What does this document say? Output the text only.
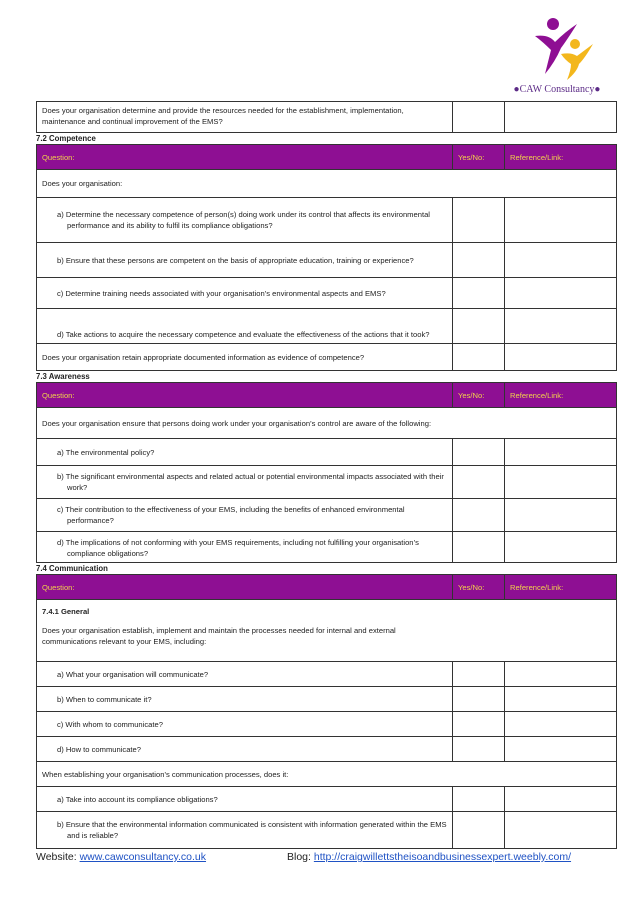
●CAW Consultancy●
Does your organisation determine and provide the resources needed for the establishment, implementation, maintenance and continual improvement of the EMS?		
7.2 Competence
Question:	Yes/No:	Reference/Link:
Does your organisation:		

a) Determine the necessary competence of person(s) doing work under its control that affects its environmental performance and its ability to fulfil its compliance obligations?		

b) Ensure that these persons are competent on the basis of appropriate education, training or experience?		

c) Determine training needs associated with your organisation’s environmental aspects and EMS?		

d) Take actions to acquire the necessary competence and evaluate the effectiveness of the actions that it took?		

Does your organisation retain appropriate documented information as evidence of competence?		
7.3 Awareness
Question:	Yes/No:	Reference/Link:

Does your organisation ensure that persons doing work under your organisation’s control are aware of the following:		

a) The environmental policy?		

b) The significant environmental aspects and related actual or potential environmental impacts associated with their work?		

c) Their contribution to the effectiveness of your EMS, including the benefits of enhanced environmental performance?		

d) The implications of not conforming with your EMS requirements, including not fulfilling your organisation’s compliance obligations?		

7.4 Communication
Question:	Yes/No:	Reference/Link:

7.4.1 General
Does your organisation establish, implement and maintain the processes needed for internal and external communications relevant to your EMS, including:		

a) What your organisation will communicate?		

b) When to communicate it?		

c) With whom to communicate?		

d) How to communicate?		

When establishing your organisation’s communication processes, does it:		

a) Take into account its compliance obligations?		

b) Ensure that the environmental information communicated is consistent with information generated within the EMS and is reliable?		

Website: www.cawconsultancy.co.uk	Blog: http://craigwillettstheisoandbusinessexpert.weebly.com/
